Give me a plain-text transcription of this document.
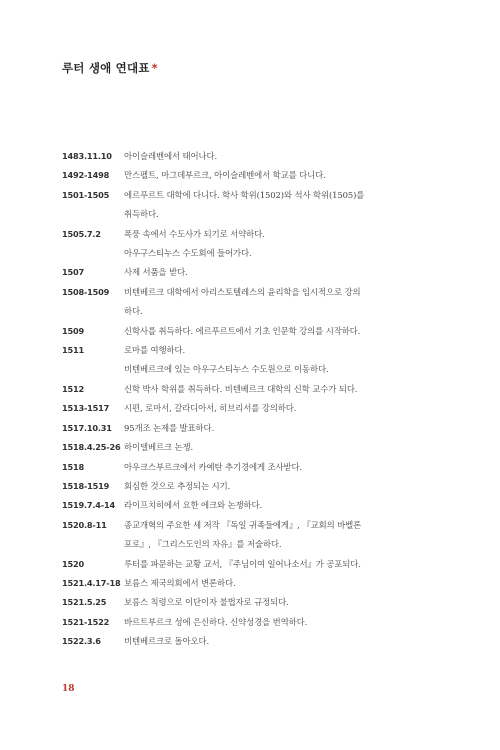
루터 생애 연대표 *
1483.11.10	아이슬레벤에서 태어나다.
1492-1498	만스펠트, 마그데부르크, 아이슬레벤에서 학교를 다니다.
1501-1505	에르푸르트 대학에 다니다. 학사 학위(1502)와 석사 학위(1505)를
취득하다.
1505.7.2	폭풍 속에서 수도사가 되기로 서약하다.
아우구스티누스 수도회에 들어가다.
1507	사제 서품을 받다.
1508-1509	비텐베르크 대학에서 아리스토텔레스의 윤리학을 임시적으로 강의
하다.
1509	신학사를 취득하다. 에르푸르트에서 기초 인문학 강의를 시작하다.
1511	로마를 여행하다.
비텐베르크에 있는 아우구스티누스 수도원으로 이동하다.
1512	신학 박사 학위를 취득하다. 비텐베르크 대학의 신학 교수가 되다.
1513-1517	시편, 로마서, 갈라디아서, 히브리서를 강의하다.
1517.10.31	95개조 논제를 발표하다.
1518.4.25-26 하이델베르크 논쟁.
1518	아우크스부르크에서 카예탄 추기경에게 조사받다.
1518-1519	회심한 것으로 추정되는 시기.
1519.7.4-14	라이프치히에서 요한 에크와 논쟁하다.
1520.8-11	종교개혁의 주요한 세 저작 『독일 귀족들에게』, 『교회의 바벨론
포로』, 『그리스도인의 자유』를 저술하다.
1520	루터를 파문하는 교황 교서, 『주님이여 일어나소서』가 공포되다.
1521.4.17-18 보름스 제국의회에서 변론하다.
1521.5.25	보름스 칙령으로 이단이자 불법자로 규정되다.
1521-1522	바르트부르크 성에 은신하다. 신약성경을 번역하다.
1522.3.6	비텐베르크로 돌아오다.
18
